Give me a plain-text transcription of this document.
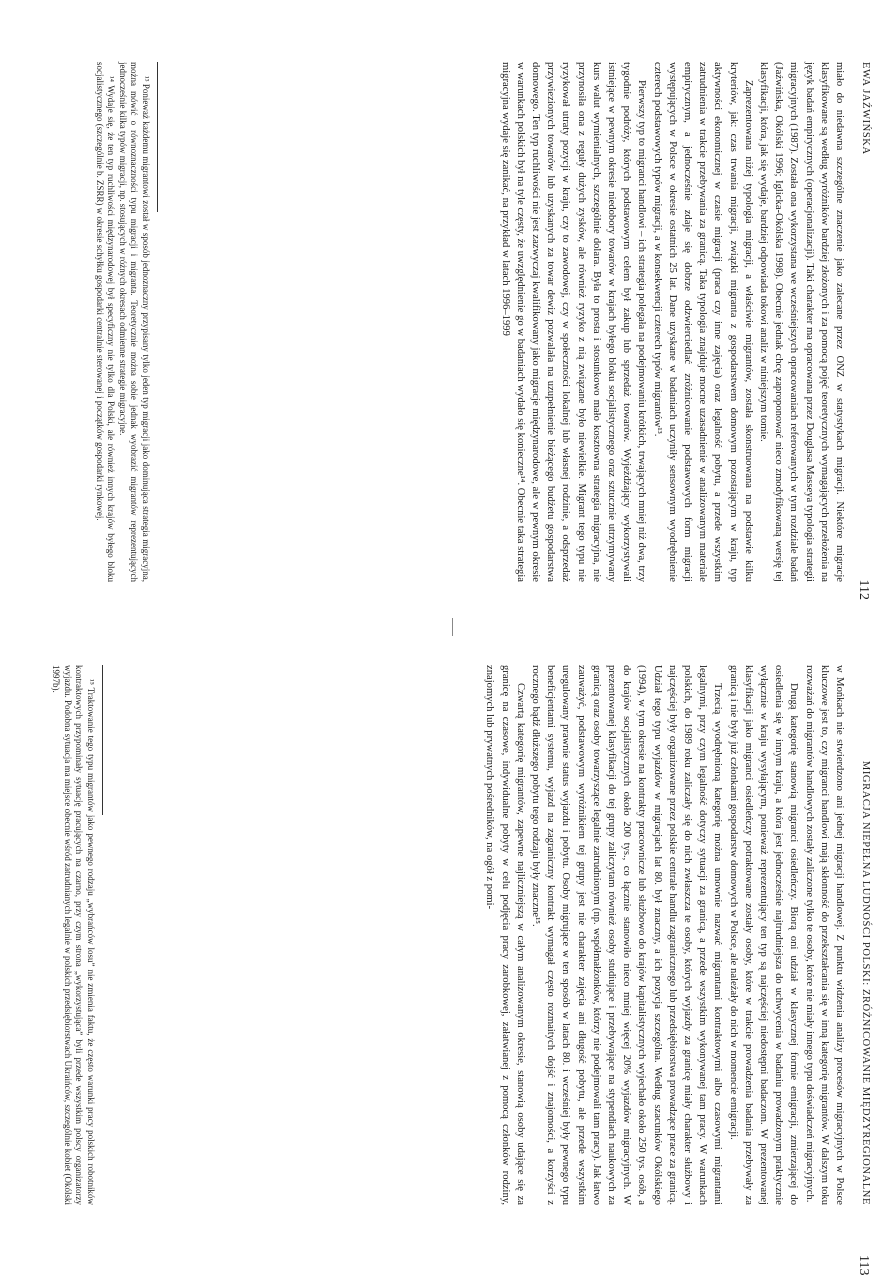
EWA JAŹWIŃSKA
112

miało do niedawna szczególne znaczenie jako zalecane przez ONZ w statystykach migracji. Niektóre migracje klasyfikowane są według wyróżników bardziej złożonych i za pomocą pojęć teoretycznych wymagających przełożenia na język badań empirycznych (operacjonalizacji). Taki charakter ma opracowana przez Douglasa Masseya typologia strategii migracyjnych (1987). Została ona wykorzystana we wcześniejszych opracowaniach referowanych w tym rozdziale badań (Jaźwińska, Okólski 1996; Iglicka-Okólska 1998). Obecnie jednak chcę zaproponować nieco zmodyfikowaną wersję tej klasyfikacji, która, jak się wydaje, bardziej odpowiada tokowi analiz w niniejszym tomie.

Zaprezentowana niżej typologia migracji, a właściwie migrantów, została skonstruowana na podstawie kilku kryteriów, jak: czas trwania migracji, związki migranta z gospodarstwem domowym pozostającym w kraju, typ aktywności ekonomicznej w czasie migracji (praca czy inne zajęcia) oraz legalność pobytu, a przede wszystkim zatrudnienia w trakcie przebywania za granicą. Taka typologia znajduje mocne uzasadnienie w analizowanym materiale empirycznym, a jednocześnie zdaje się dobrze odzwierciedlać zróżnicowanie podstawowych form migracji występujących w Polsce w okresie ostatnich 25 lat. Dane uzyskane w badaniach uczyniły sensownym wyodrębnienie czterech podstawowych typów migracji, a w konsekwencji czterech typów migrantów¹³.

Pierwszy typ to migranci handlowi – ich strategia polegała na podejmowaniu krótkich, trwających mniej niż dwa, trzy tygodnie podróży, których podstawowym celem był zakup lub sprzedaż towarów. Wyjeżdżający wykorzystywali istniejące w pewnym okresie niedobory towarów w krajach byłego bloku socjalistycznego oraz sztucznie utrzymywany kurs walut wymienialnych, szczególnie dolara. Była to prosta i stosunkowo mało kosztowna strategia migracyjna, nie przynosiła ona z reguły dużych zysków, ale również ryzyko z nią związane było niewielkie. Migrant tego typu nie ryzykował utraty pozycji w kraju, czy to zawodowej, czy w społeczności lokalnej lub własnej rodzinie, a odsprzedaż przywiezionych towarów lub uzyskanych za towar dewiz pozwalała na uzupełnienie bieżącego budżetu gospodarstwa domowego. Ten typ ruchliwości nie jest zazwyczaj kwalifikowany jako migracje międzynarodowe, ale w pewnym okresie w warunkach polskich był na tyle częsty, że uwzględnienie go w badaniach wydało się konieczne¹⁴. Obecnie taka strategia migracyjna wydaje się zanikać, na przykład w latach 1996–1999

¹³ Ponieważ każdemu migrantowi został w sposób jednoznaczny przypisany tylko jeden typ migracji jako dominująca strategia migracyjna, można mówić o równoznaczności typu migracji i migranta. Teoretycznie można sobie jednak wyobrazić migrantów reprezentujących jednocześnie kilka typów migracji, np. stosujących w różnych okresach odmienne strategie migracyjne.

¹⁴ Wydaje się, że ten typ ruchliwości międzynarodowej był specyficzny nie tylko dla Polski, ale również innych krajów byłego bloku socjalistycznego (szczególnie b. ZSRR) w okresie schyłku gospodarki centralnie sterowanej i początków gospodarki rynkowej.

MIGRACJA NIEPEŁNA LUDNOŚCI POLSKI: ZRÓŻNICOWANIE MIĘDZYREGIONALNE
113

w Mońkach nie stwierdzono ani jednej migracji handlowej. Z punktu widzenia analizy procesów migracyjnych w Polsce kluczowe jest to, czy migranci handlowi mają skłonność do przekształcania się w inną kategorię migrantów. W dalszym toku rozważań do migrantów handlowych zostały zaliczone tylko te osoby, które nie miały innego typu doświadczeń migracyjnych.

Drugą kategorię stanowią migranci osiedleńczy. Biorą oni udział w klasycznej formie emigracji, zmierzającej do osiedlenia się w innym kraju, a która jest jednocześnie najtrudniejsza do uchwycenia w badaniu prowadzonym praktycznie wyłącznie w kraju wysyłającym, ponieważ reprezentujący ten typ są najczęściej niedostępni badaczom. W prezentowanej klasyfikacji jako migranci osiedleńczy potraktowane zostały osoby, które w trakcie prowadzenia badania przebywały za granicą i nie były już członkami gospodarstw domowych w Polsce, ale należały do nich w momencie emigracji.

Trzecią wyodrębnioną kategorię można umownie nazwać migrantami kontraktowymi albo czasowymi migrantami legalnymi, przy czym legalność dotyczy sytuacji za granicą, a przede wszystkim wykonywanej tam pracy. W warunkach polskich, do 1989 roku zaliczały się do nich zwłaszcza te osoby, których wyjazdy za granicę miały charakter służbowy i najczęściej były organizowane przez polskie centrale handlu zagranicznego lub przedsiębiorstwa prowadzące prace za granicą. Udział tego typu wyjazdów w migracjach lat 80. był znaczny, a ich pozycja szczególna. Według szacunków Okólskiego (1994), w tym okresie na kontrakty pracownicze lub służbowo do krajów kapitalistycznych wyjechało około 250 tys. osób, a do krajów socjalistycznych około 200 tys., co łącznie stanowiło nieco mniej więcej 20% wyjazdów migracyjnych. W prezentowanej klasyfikacji do tej grupy zaliczytam również osoby studiujące i przebywające na stypendiach naukowych za granicą oraz osoby towarzyszące legalnie zatrudnionym (np. współmałżonków, którzy nie podejmowali tam pracy). Jak łatwo zauważyć, podstawowym wyróżnikiem tej grupy jest nie charakter zajęcia ani długość pobytu, ale przede wszystkim uregulowany prawnie status wyjazdu i pobytu. Osoby migrujące w ten sposób w latach 80. i wcześniej były pewnego typu beneficjentami systemu, wyjazd na zagraniczny kontrakt wymagał często rozmaitych dojść i znajomości, a korzyści z rocznego bądź dłuższego pobytu tego rodzaju były znaczne¹⁵.

Czwartą kategorię migrantów, zapewne najliczniejszą w całym analizowanym okresie, stanowią osoby udające się za granicę na czasowe, indywidualne pobyty w celu podjęcia pracy zarobkowej, załatwianej z pomocą członków rodziny, znajomych lub prywatnych pośredników, na ogół z pomi-

¹⁵ Traktowanie tego typu migrantów jako pewnego rodzaju „wybrańców losu” nie zmienia faktu, że często warunki pracy polskich robotników kontraktowych przypominały sytuację pracujących na czarno, przy czym strona „wykorzystująca” byli przede wszystkim polscy organizatorzy wyjazdu. Podobna sytuacja ma miejsce obecnie wśród zatrudnianych legalnie w polskich przedsiębiorstwach Ukraińców, szczególnie kobiet (Okólski 1997b).
